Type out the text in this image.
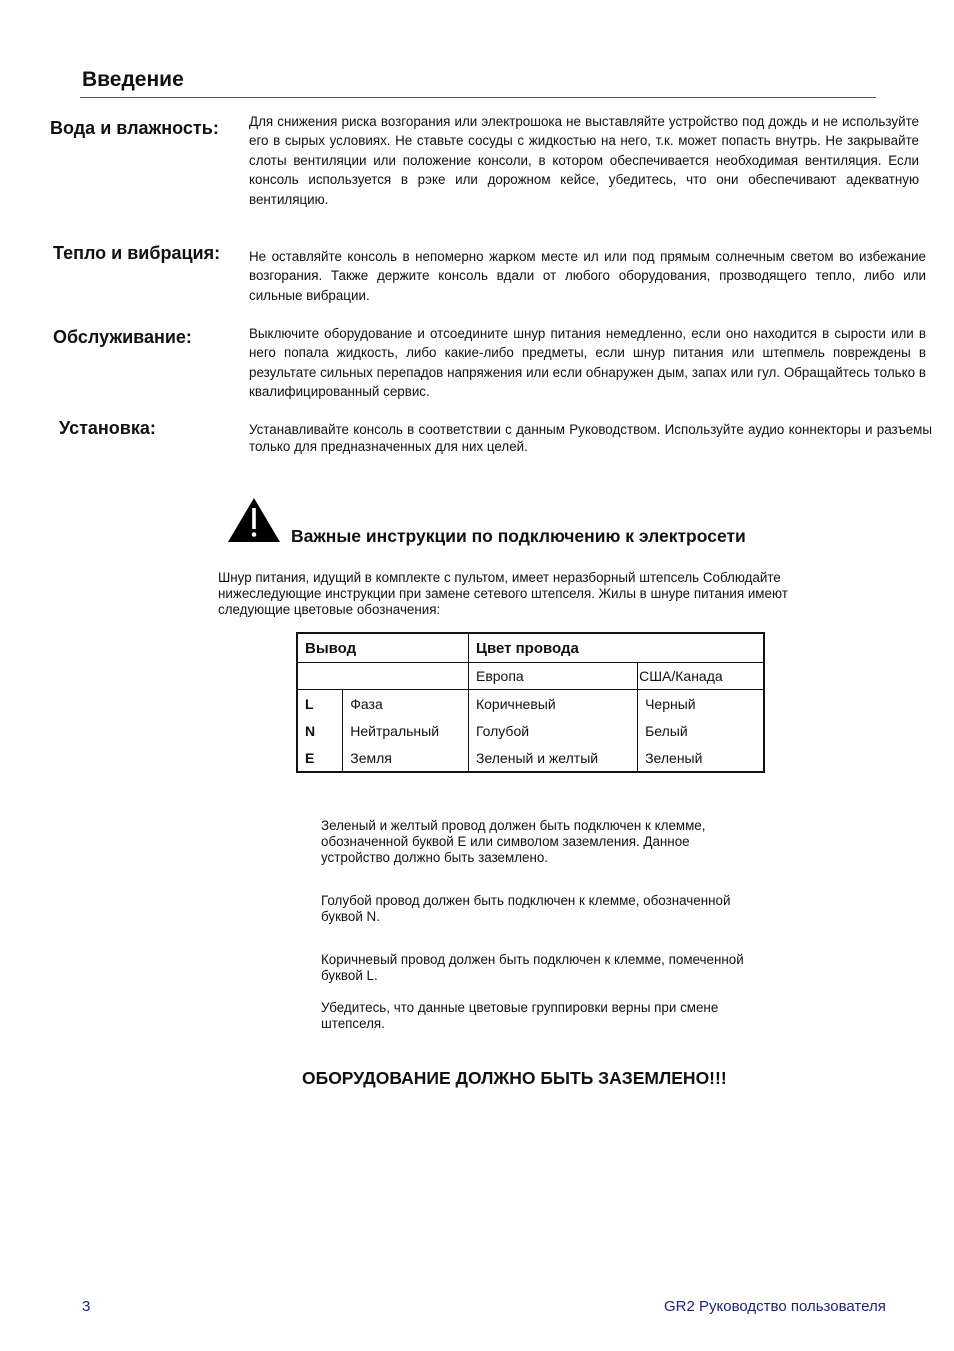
Введение
Вода и влажность: Для снижения риска возгорания или электрошока не выставляйте устройство под дождь и не используйте его в сырых условиях. Не ставьте сосуды с жидкостью на него, т.к. может попасть внутрь. Не закрывайте слоты вентиляции или положение консоли, в котором обеспечивается необходимая вентиляция. Если консоль используется в рэке или дорожном кейсе, убедитесь, что они обеспечивают адекватную вентиляцию.
Тепло и вибрация: Не оставляйте консоль в непомерно жарком месте ил или под прямым солнечным светом во избежание возгорания. Также держите консоль вдали от любого оборудования, прозводящего тепло, либо или сильные вибрации.
Обслуживание:	Выключите оборудование и отсоедините шнур питания немедленно, если оно находится в сырости или в него попала жидкость, либо какие-либо предметы, если шнур питания или штепмель повреждены в результате сильных перепадов напряжения или если обнаружен дым, запах или гул. Обращайтесь только в квалифицированный сервис.
Установка:	Устанавливайте консоль в соответствии с данным Руководством. Используйте аудио коннекторы и разъемы только для предназначенных для них целей.
Важные инструкции по подключению к электросети
Шнур питания, идущий в комплекте с пультом, имеет неразборный штепсель Соблюдайте нижеследующие инструкции при замене сетевого штепселя. Жилы в шнуре питания имеют следующие цветовые обозначения:
Вывод		Цвет провода	
		Европа	США/Канада
L	Фаза	Коричневый	Черный
N	Нейтральный	Голубой	Белый
E	Земля	Зеленый и желтый	Зеленый
Зеленый и желтый провод должен быть подключен к клемме, обозначенной буквой E или символом заземления. Данное устройство должно быть заземлено.
Голубой провод должен быть подключен к клемме, обозначенной буквой N.
Коричневый провод должен быть подключен к клемме, помеченной буквой L.
Убедитесь, что данные цветовые группировки верны при смене штепселя.
ОБОРУДОВАНИЕ ДОЛЖНО БЫТЬ ЗАЗЕМЛЕНО!!!
3	GR2 Руководство пользователя
